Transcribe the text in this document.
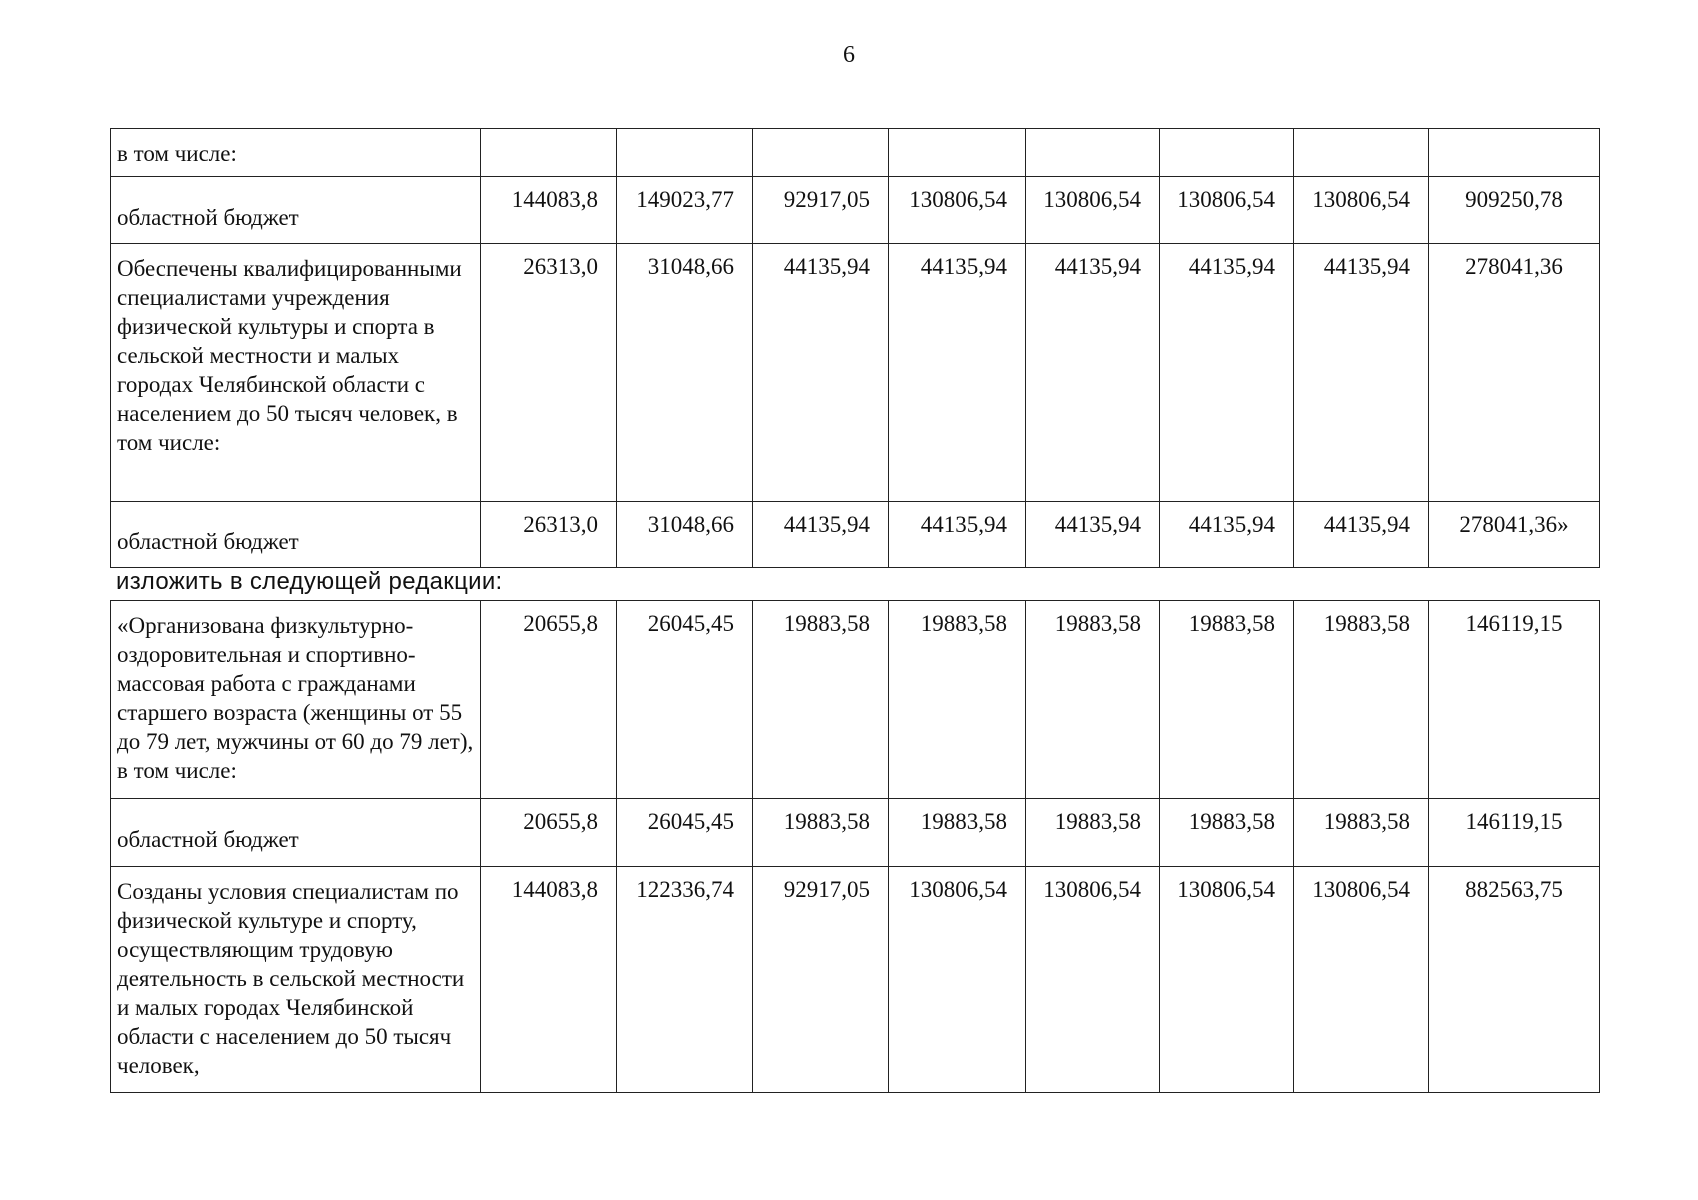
6
в том числе:								
областной бюджет	144083,8	149023,77	92917,05	130806,54	130806,54	130806,54	130806,54	909250,78
Обеспечены квалифицированными специалистами учреждения физической культуры и спорта в сельской местности и малых городах Челябинской области с населением до 50 тысяч человек, в том числе:	26313,0	31048,66	44135,94	44135,94	44135,94	44135,94	44135,94	278041,36
областной бюджет	26313,0	31048,66	44135,94	44135,94	44135,94	44135,94	44135,94	278041,36»
изложить в следующей редакции:
«Организована физкультурно-оздоровительная и спортивно-массовая работа с гражданами старшего возраста (женщины от 55 до 79 лет, мужчины от 60 до 79 лет), в том числе:	20655,8	26045,45	19883,58	19883,58	19883,58	19883,58	19883,58	146119,15
областной бюджет	20655,8	26045,45	19883,58	19883,58	19883,58	19883,58	19883,58	146119,15
Созданы условия специалистам по физической культуре и спорту, осуществляющим трудовую деятельность в сельской местности и малых городах Челябинской области с населением до 50 тысяч человек,	144083,8	122336,74	92917,05	130806,54	130806,54	130806,54	130806,54	882563,75
